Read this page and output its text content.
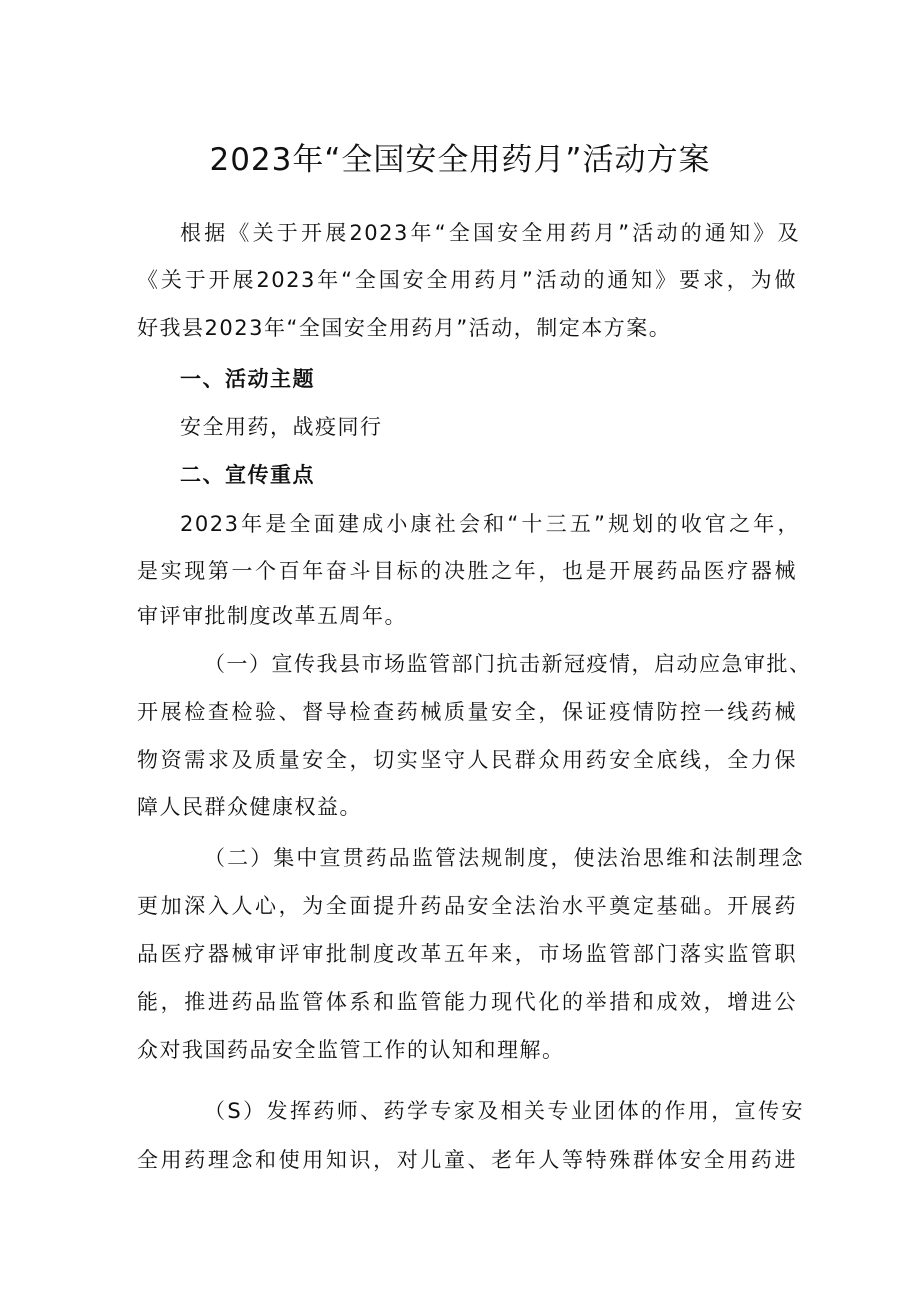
2023年“全国安全用药月”活动方案
根据《关于开展2023年“全国安全用药月”活动的通知》及
《关于开展2023年“全国安全用药月”活动的通知》要求，为做
好我县2023年“全国安全用药月”活动，制定本方案。
一、活动主题
安全用药，战疫同行
二、宣传重点
2023年是全面建成小康社会和“十三五”规划的收官之年，
是实现第一个百年奋斗目标的决胜之年，也是开展药品医疗器械
审评审批制度改革五周年。
（一）宣传我县市场监管部门抗击新冠疫情，启动应急审批、
开展检查检验、督导检查药械质量安全，保证疫情防控一线药械
物资需求及质量安全，切实坚守人民群众用药安全底线，全力保
障人民群众健康权益。
（二）集中宣贯药品监管法规制度，使法治思维和法制理念
更加深入人心，为全面提升药品安全法治水平奠定基础。开展药
品医疗器械审评审批制度改革五年来，市场监管部门落实监管职
能，推进药品监管体系和监管能力现代化的举措和成效，增进公
众对我国药品安全监管工作的认知和理解。
（S）发挥药师、药学专家及相关专业团体的作用，宣传安
全用药理念和使用知识，对儿童、老年人等特殊群体安全用药进
